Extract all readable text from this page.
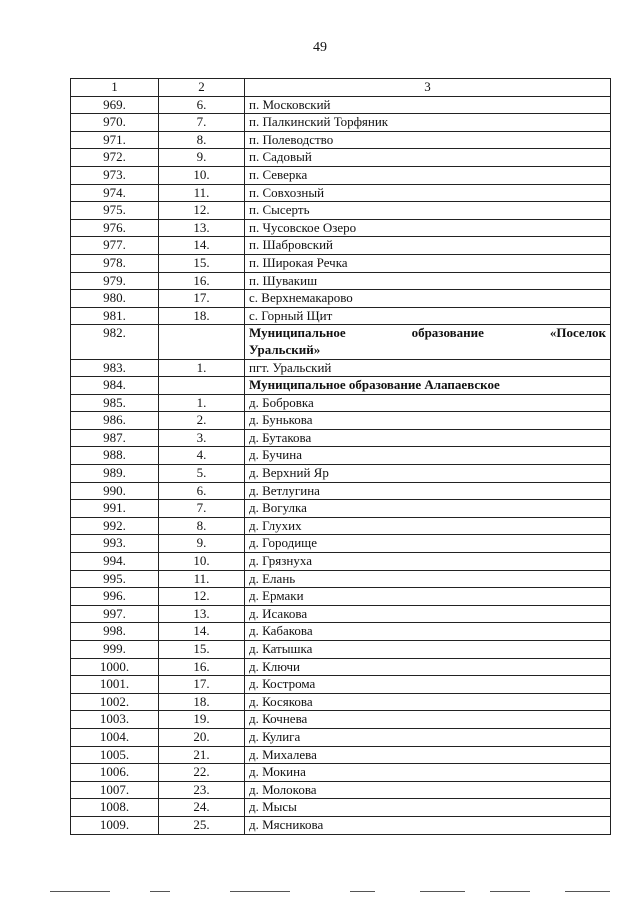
49
1	2	3
969.	6.	п. Московский
970.	7.	п. Палкинский Торфяник
971.	8.	п. Полеводство
972.	9.	п. Садовый
973.	10.	п. Северка
974.	11.	п. Совхозный
975.	12.	п. Сысерть
976.	13.	п. Чусовское Озеро
977.	14.	п. Шабровский
978.	15.	п. Широкая Речка
979.	16.	п. Шувакиш
980.	17.	с. Верхнемакарово
981.	18.	с. Горный Щит
982.		Муниципальное образование «Поселок
Уральский»

983.	1.	пгт. Уральский
984.		Муниципальное образование Алапаевское
985.	1.	д. Бобровка
986.	2.	д. Бунькова
987.	3.	д. Бутакова
988.	4.	д. Бучина
989.	5.	д. Верхний Яр
990.	6.	д. Ветлугина
991.	7.	д. Вогулка
992.	8.	д. Глухих
993.	9.	д. Городище
994.	10.	д. Грязнуха
995.	11.	д. Елань
996.	12.	д. Ермаки
997.	13.	д. Исакова
998.	14.	д. Кабакова
999.	15.	д. Катышка
1000.	16.	д. Ключи
1001.	17.	д. Кострома
1002.	18.	д. Косякова
1003.	19.	д. Кочнева
1004.	20.	д. Кулига
1005.	21.	д. Михалева
1006.	22.	д. Мокина
1007.	23.	д. Молокова
1008.	24.	д. Мысы
1009.	25.	д. Мясникова
